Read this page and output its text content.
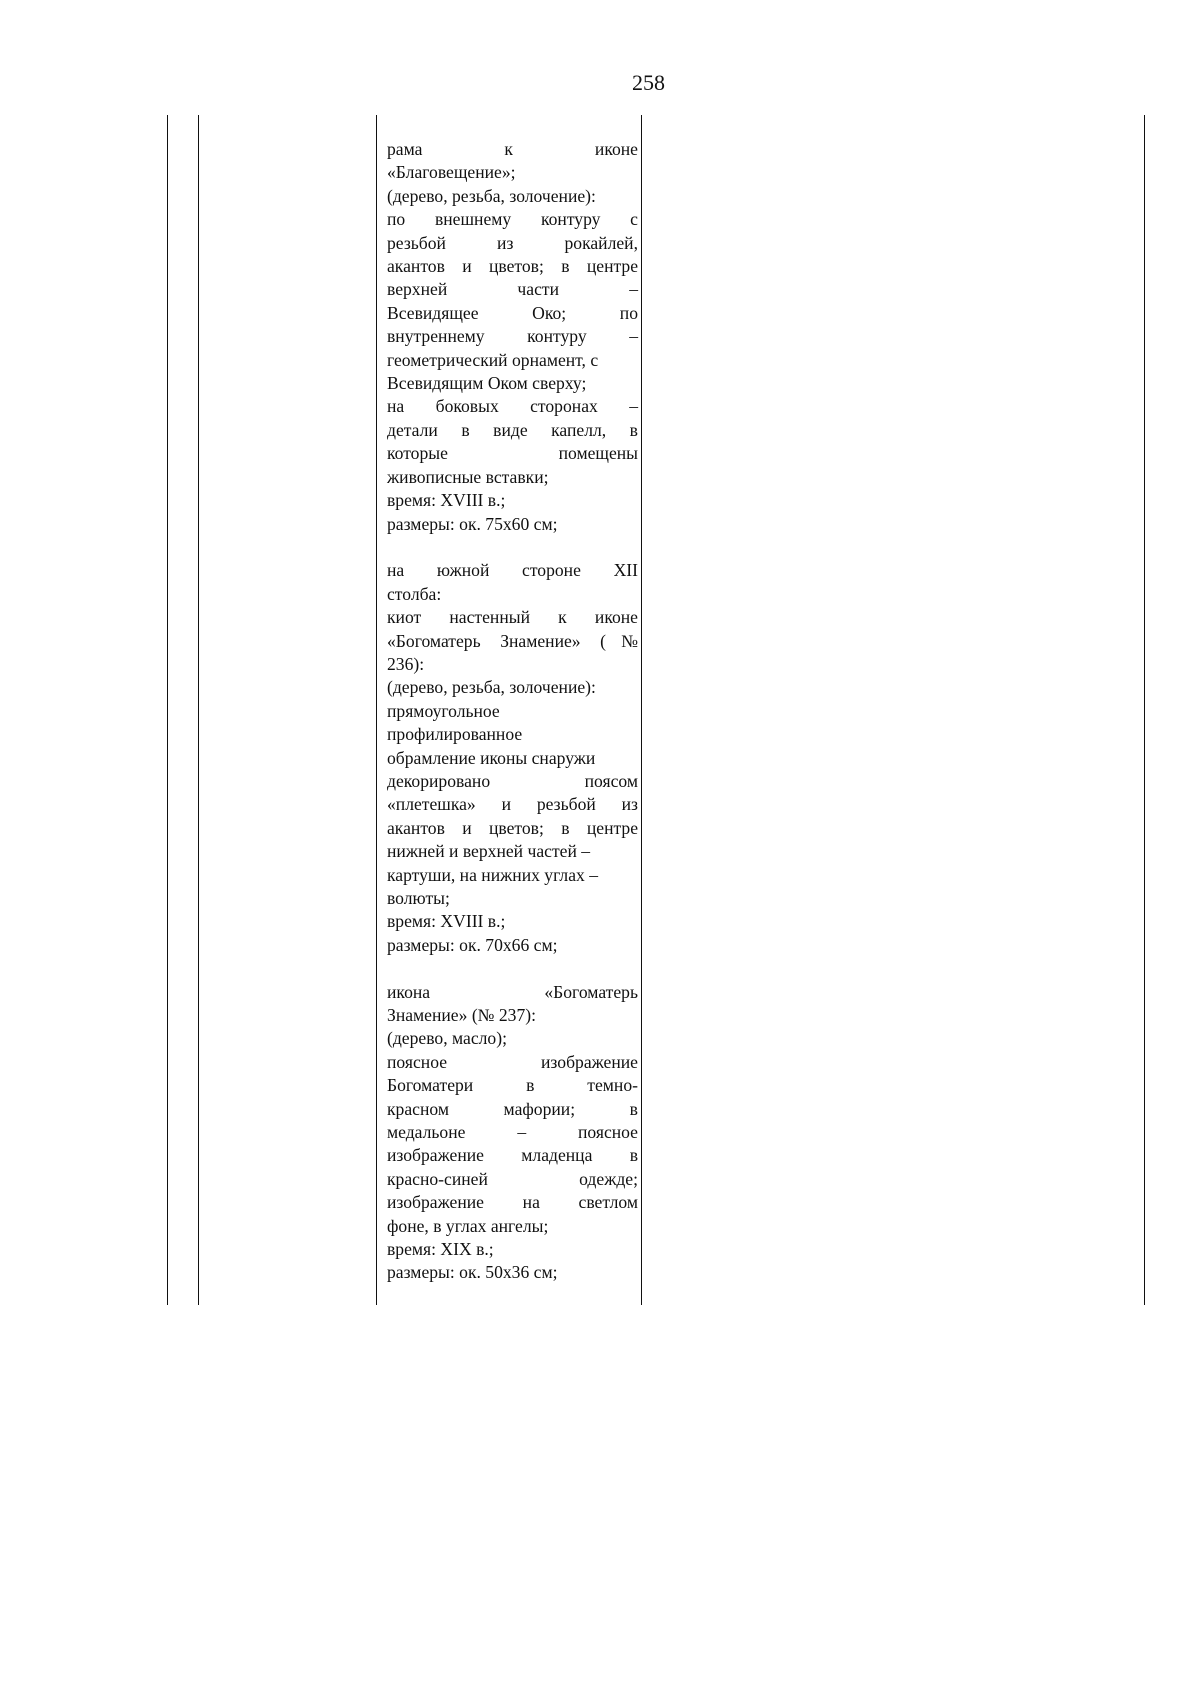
258
рама к иконе
«Благовещение»;
(дерево, резьба, золочение):
по внешнему контуру с
резьбой из рокайлей,
акантов и цветов; в центре
верхней части –
Всевидящее Око; по
внутреннему контуру –
геометрический орнамент, с
Всевидящим Оком сверху;
на боковых сторонах –
детали в виде капелл, в
которые помещены
живописные вставки;
время: XVIII в.;
размеры: ок. 75х60 см;
на южной стороне XII
столба:
киот настенный к иконе
«Богоматерь Знамение» (№
236):
(дерево, резьба, золочение):
прямоугольное
профилированное
обрамление иконы снаружи
декорировано поясом
«плетешка» и резьбой из
акантов и цветов; в центре
нижней и верхней частей –
картуши, на нижних углах –
волюты;
время: XVIII в.;
размеры: ок. 70х66 см;
икона «Богоматерь
Знамение» (№ 237):
(дерево, масло);
поясное изображение
Богоматери в темно-
красном мафории; в
медальоне – поясное
изображение младенца в
красно-синей одежде;
изображение на светлом
фоне, в углах ангелы;
время: XIX в.;
размеры: ок. 50х36 см;
